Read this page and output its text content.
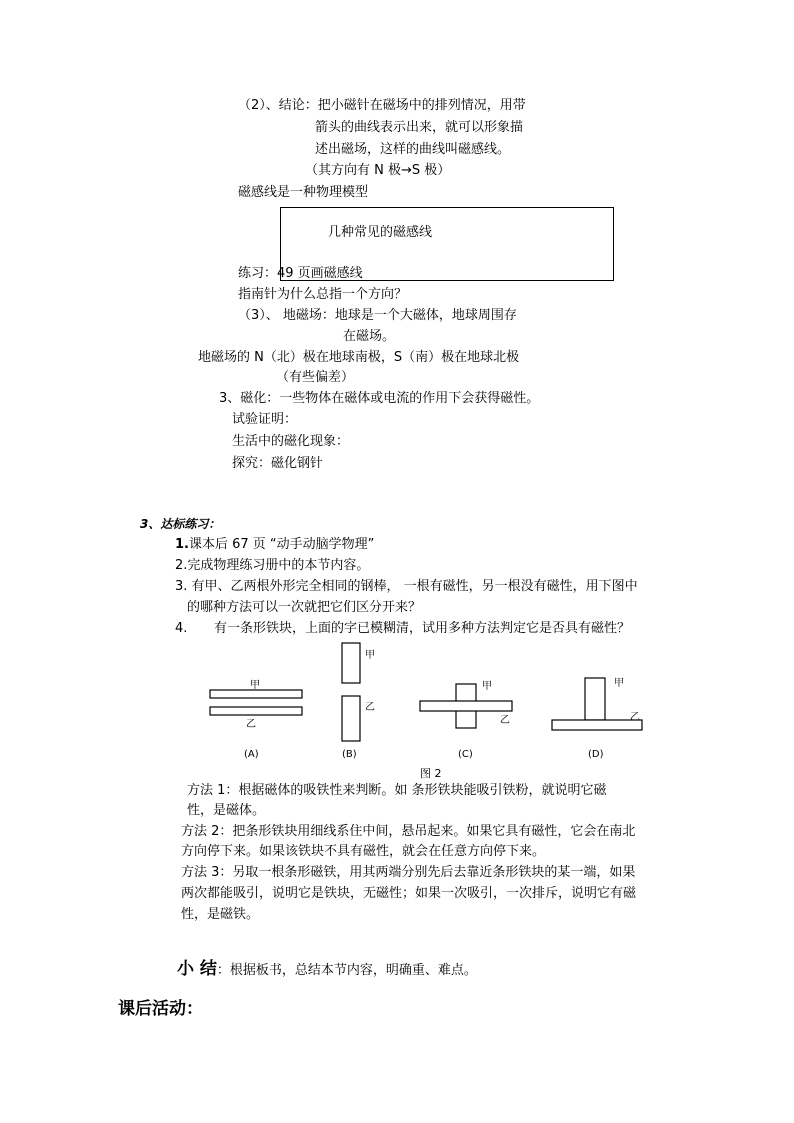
（2）、结论：把小磁针在磁场中的排列情况，用带
箭头的曲线表示出来，就可以形象描
述出磁场，这样的曲线叫磁感线。
（其方向有 N 极→S 极）
磁感线是一种物理模型
几种常见的磁感线
练习：49 页画磁感线
指南针为什么总指一个方向？
（3）、 地磁场：地球是一个大磁体，地球周围存
在磁场。
地磁场的 N（北）极在地球南极，S（南）极在地球北极
（有些偏差）
3、磁化：一些物体在磁体或电流的作用下会获得磁性。
试验证明：
生活中的磁化现象：
探究：磁化钢针
3、达标练习：
1.课本后 67 页 “动手动脑学物理”
2.完成物理练习册中的本节内容。
3. 有甲、乙两根外形完全相同的钢棒， 一根有磁性，另一根没有磁性，用下图中
的哪种方法可以一次就把它们区分开来？
4. 有一条形铁块，上面的字已模糊清，试用多种方法判定它是否具有磁性？
甲
乙
甲
乙
甲
乙
甲
乙
(A)	(B)	(C)	(D)
图 2
方法 1：根据磁体的吸铁性来判断。如 条形铁块能吸引铁粉，就说明它磁
性，是磁体。
方法 2：把条形铁块用细线系住中间，悬吊起来。如果它具有磁性，它会在南北
方向停下来。如果该铁块不具有磁性，就会在任意方向停下来。
方法 3：另取一根条形磁铁，用其两端分别先后去靠近条形铁块的某一端，如果
两次都能吸引，说明它是铁块，无磁性；如果一次吸引，一次排斥，说明它有磁
性，是磁铁。
小 结：根据板书，总结本节内容，明确重、难点。
课后活动：
